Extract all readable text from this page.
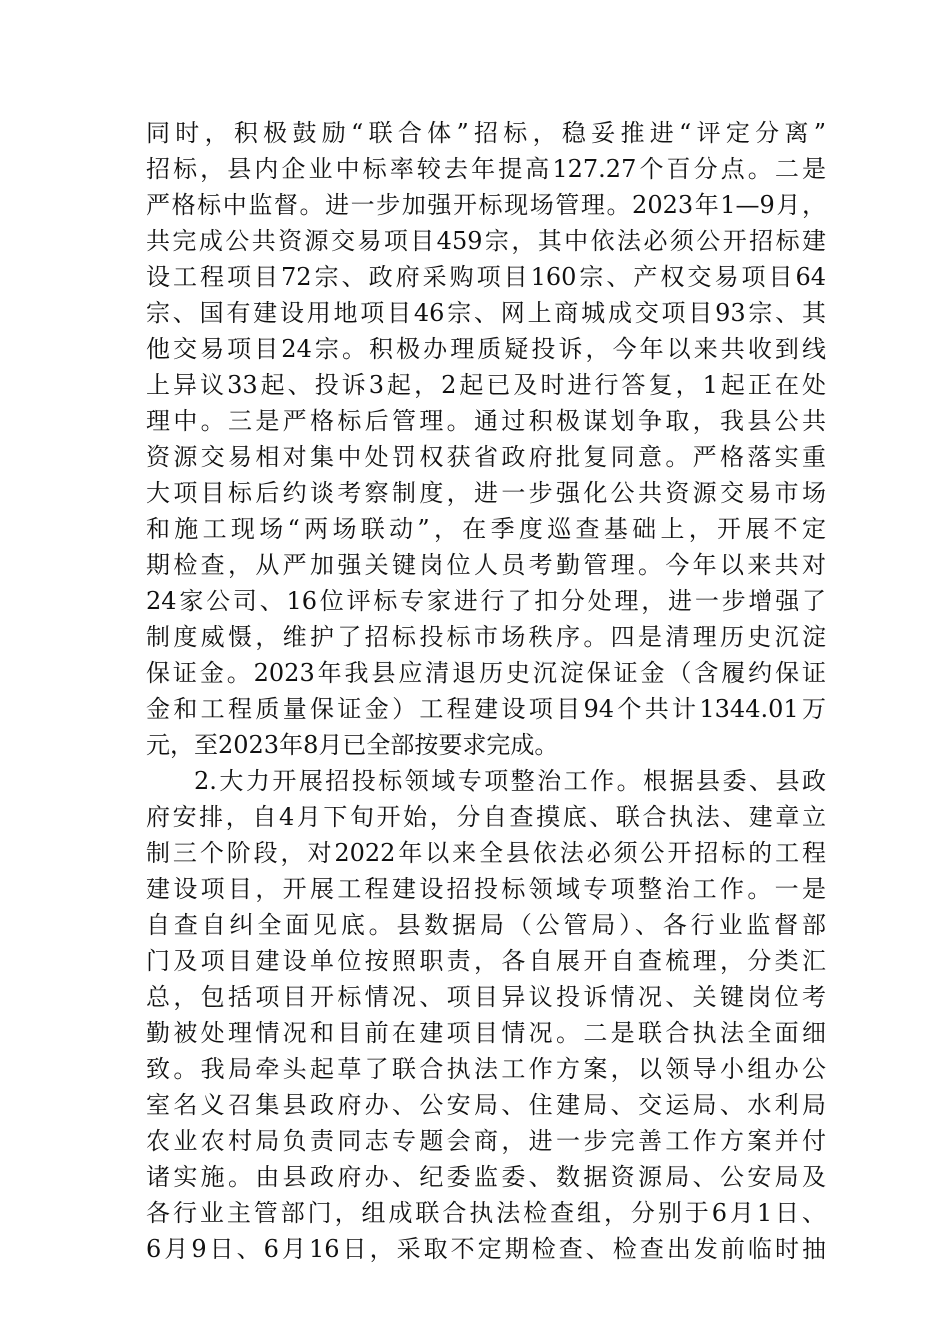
同时，积极鼓励“联合体”招标，稳妥推进“评定分离”
招标，县内企业中标率较去年提高127.27个百分点。二是
严格标中监督。进一步加强开标现场管理。2023年1—9月，
共完成公共资源交易项目459宗，其中依法必须公开招标建
设工程项目72宗、政府采购项目160宗、产权交易项目64
宗、国有建设用地项目46宗、网上商城成交项目93宗、其
他交易项目24宗。积极办理质疑投诉，今年以来共收到线
上异议33起、投诉3起，2起已及时进行答复，1起正在处
理中。三是严格标后管理。通过积极谋划争取，我县公共
资源交易相对集中处罚权获省政府批复同意。严格落实重
大项目标后约谈考察制度，进一步强化公共资源交易市场
和施工现场“两场联动”，在季度巡查基础上，开展不定
期检查，从严加强关键岗位人员考勤管理。今年以来共对
24家公司、16位评标专家进行了扣分处理，进一步增强了
制度威慑，维护了招标投标市场秩序。四是清理历史沉淀
保证金。2023年我县应清退历史沉淀保证金（含履约保证
金和工程质量保证金）工程建设项目94个共计1344.01万
元，至2023年8月已全部按要求完成。
2.大力开展招投标领域专项整治工作。根据县委、县政
府安排，自4月下旬开始，分自查摸底、联合执法、建章立
制三个阶段，对2022年以来全县依法必须公开招标的工程
建设项目，开展工程建设招投标领域专项整治工作。一是
自查自纠全面见底。县数据局（公管局）、各行业监督部
门及项目建设单位按照职责，各自展开自查梳理，分类汇
总，包括项目开标情况、项目异议投诉情况、关键岗位考
勤被处理情况和目前在建项目情况。二是联合执法全面细
致。我局牵头起草了联合执法工作方案，以领导小组办公
室名义召集县政府办、公安局、住建局、交运局、水利局
农业农村局负责同志专题会商，进一步完善工作方案并付
诸实施。由县政府办、纪委监委、数据资源局、公安局及
各行业主管部门，组成联合执法检查组，分别于6月1日、
6月9日、6月16日，采取不定期检查、检查出发前临时抽
